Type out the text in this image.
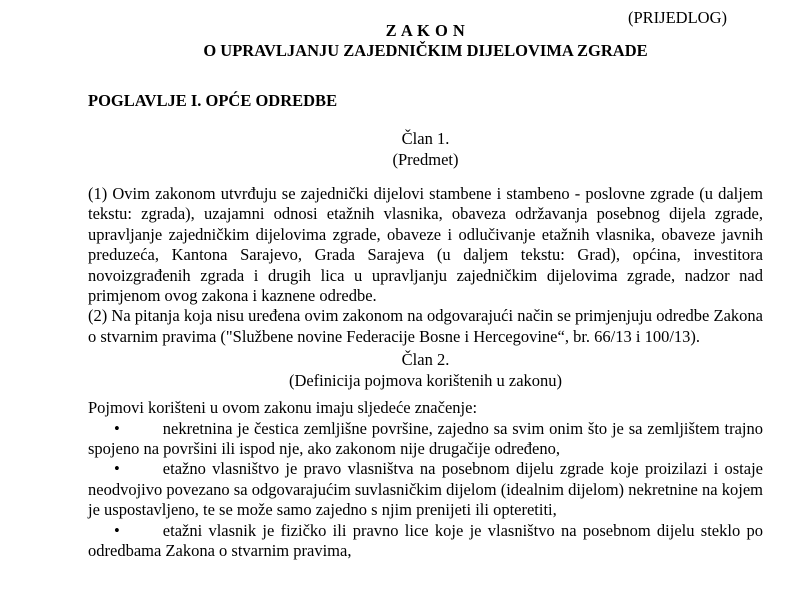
(PRIJEDLOG)
Z A K O N
O UPRAVLJANJU ZAJEDNIČKIM DIJELOVIMA ZGRADE
POGLAVLJE I. OPĆE ODREDBE
Član 1.
(Predmet)

(1) Ovim zakonom utvrđuju se zajednički dijelovi stambene i stambeno - poslovne zgrade (u daljem tekstu: zgrada), uzajamni odnosi etažnih vlasnika, obaveza održavanja posebnog dijela zgrade, upravljanje zajedničkim dijelovima zgrade, obaveze i odlučivanje etažnih vlasnika, obaveze javnih preduzeća, Kantona Sarajevo, Grada Sarajeva (u daljem tekstu: Grad), općina, investitora novoizgrađenih zgrada i drugih lica u upravljanju zajedničkim dijelovima zgrade, nadzor nad primjenom ovog zakona i kaznene odredbe.

(2) Na pitanja koja nisu uređena ovim zakonom na odgovarajući način se primjenjuju odredbe Zakona o stvarnim pravima ("Službene novine Federacije Bosne i Hercegovine“, br. 66/13 i 100/13).

Član 2.
(Definicija pojmova korištenih u zakonu)

Pojmovi korišteni u ovom zakonu imaju sljedeće značenje:

•	nekretnina je čestica zemljišne površine, zajedno sa svim onim što je sa zemljištem trajno spojeno na površini ili ispod nje, ako zakonom nije drugačije određeno,

•	etažno vlasništvo je pravo vlasništva na posebnom dijelu zgrade koje proizilazi i ostaje neodvojivo povezano sa odgovarajućim suvlasničkim dijelom (idealnim dijelom) nekretnine na kojem je uspostavljeno, te se može samo zajedno s njim prenijeti ili opteretiti,

•	etažni vlasnik je fizičko ili pravno lice koje je vlasništvo na posebnom dijelu steklo po odredbama Zakona o stvarnim pravima,
